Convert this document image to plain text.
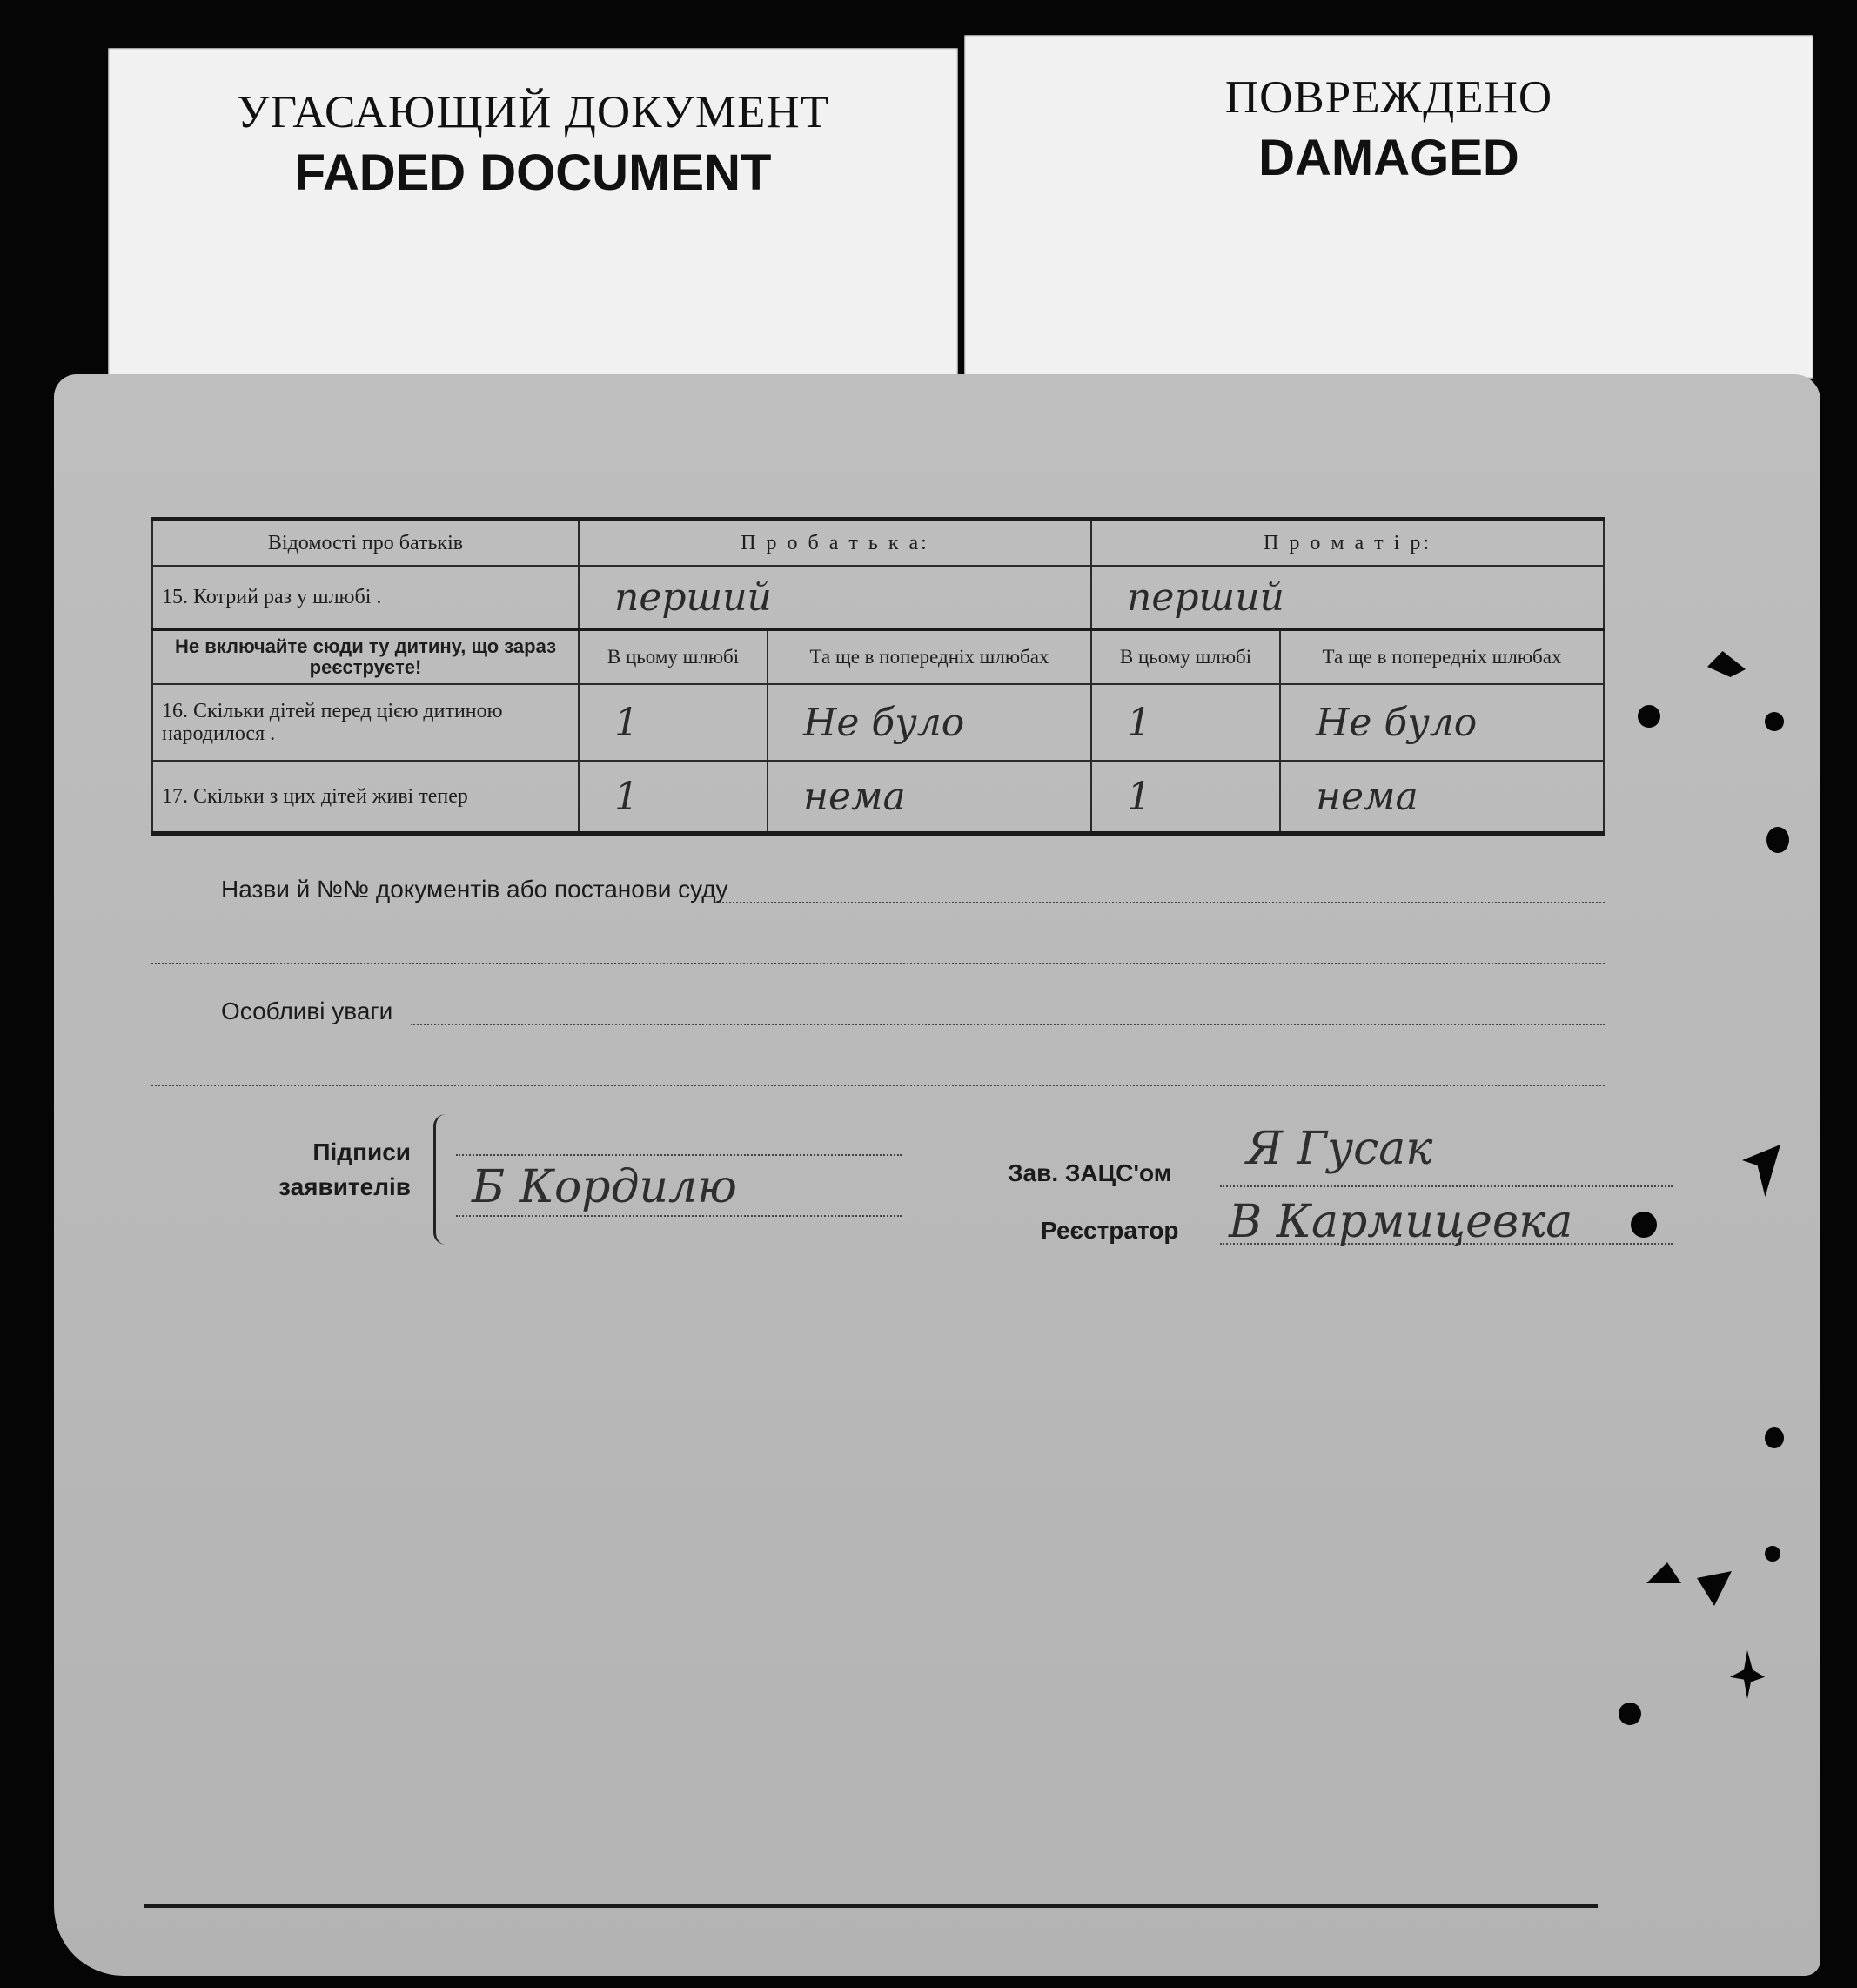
УГАСАЮЩИЙ ДОКУМЕНТ
FADED DOCUMENT
ПОВРЕЖДЕНО
DAMAGED
Відомості про батьків	П р о б а т ь к а:		П р о м а т і р:	

15. Котрий раз у шлюбі .	перший		перший	
Не включайте сюди ту дитину, що зараз реєструєте!	В цьому шлюбі	Та ще в попередніх шлюбах	В цьому шлюбі	Та ще в попередніх шлюбах

16. Скільки дітей перед цією дитиною народилося .	1	Не було	1	Не було

17. Скільки з цих дітей живі тепер	1	нема	1	нема
Назви й №№ документів або постанови суду
Особливі уваги
Підписи
заявителів Б Кордилю	Зав. ЗАЦС'ом Я Гусак
Реєстратор В Кармицевка
